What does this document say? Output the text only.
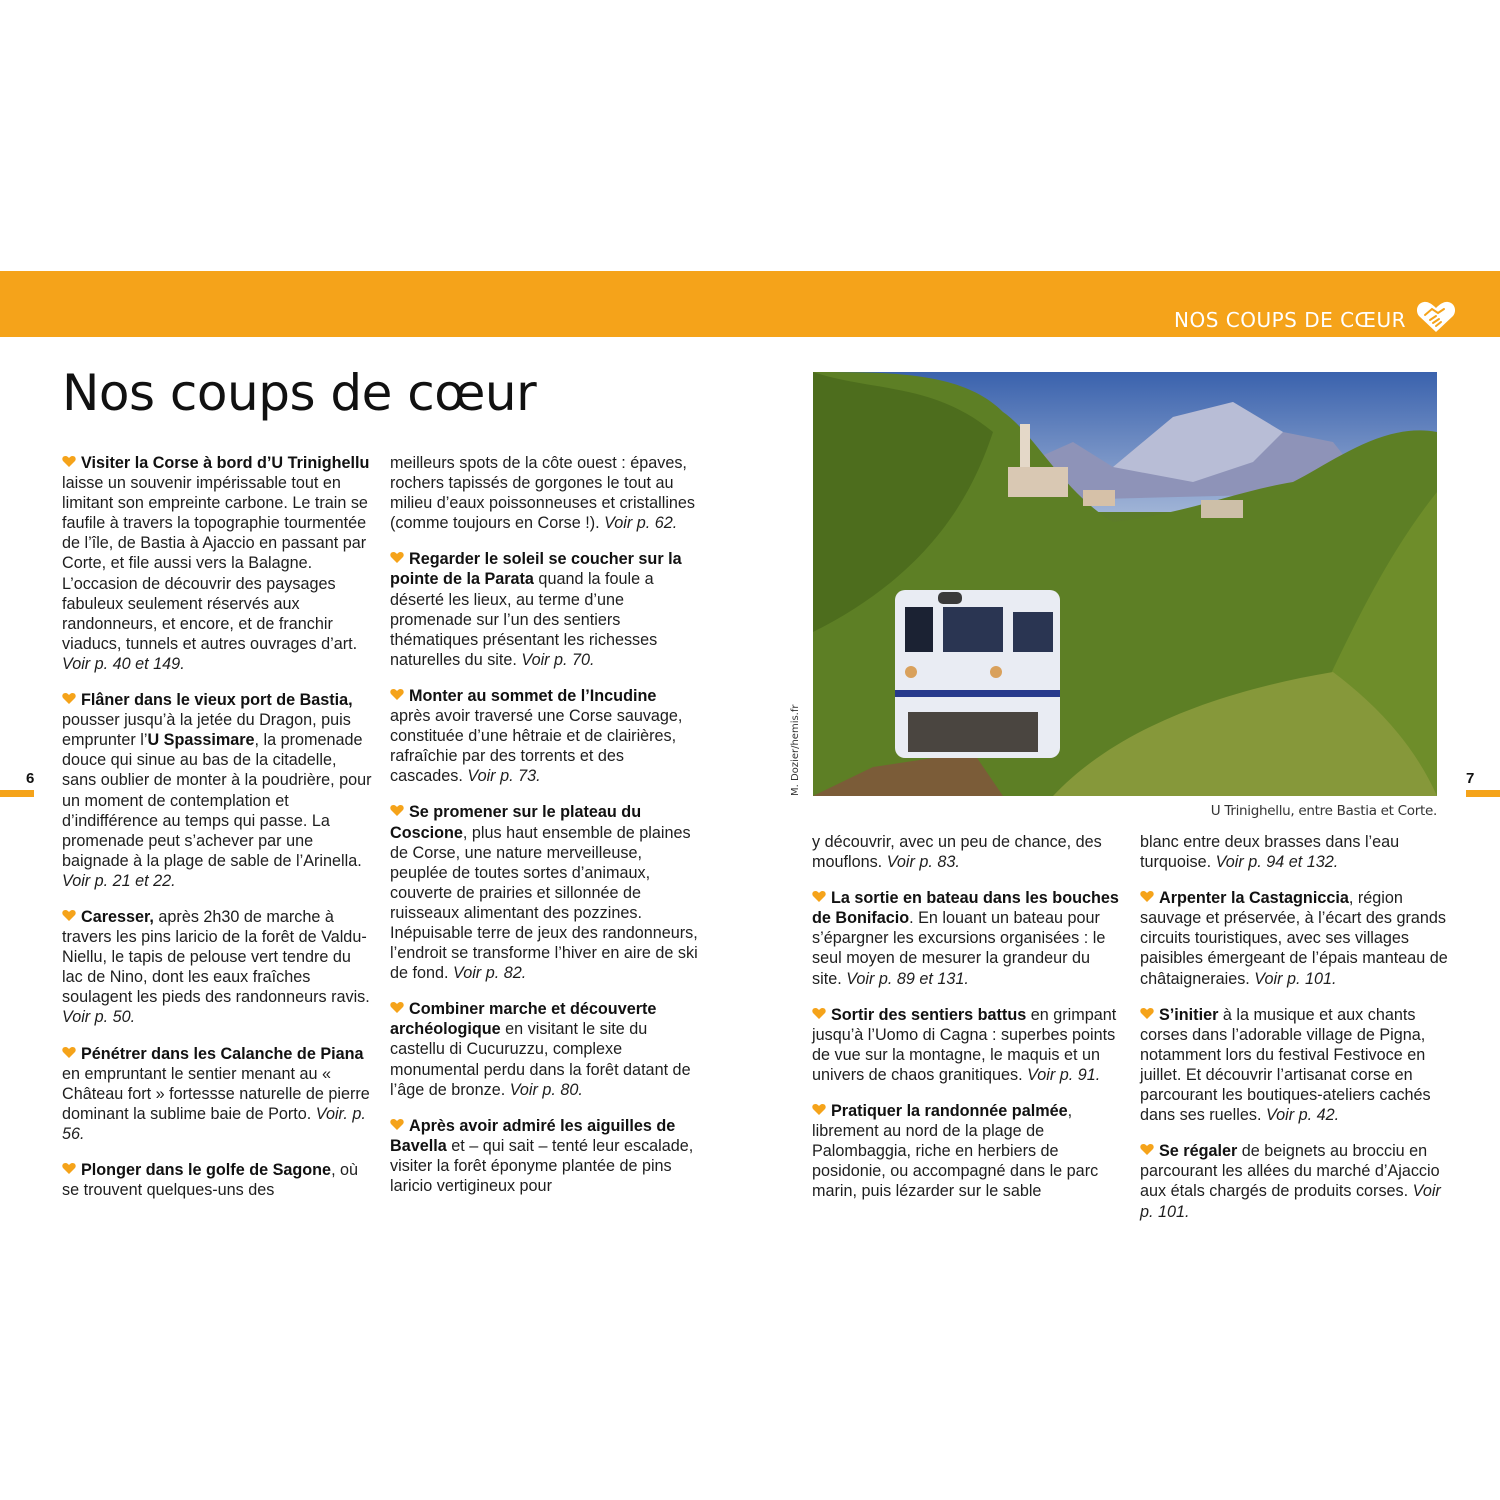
NOS COUPS DE CŒUR
Nos coups de cœur

Visiter la Corse à bord d’U Trinighellu laisse un souvenir impérissable tout en limitant son empreinte carbone. Le train se faufile à travers la topographie tourmentée de l’île, de Bastia à Ajaccio en passant par Corte, et file aussi vers la Balagne. L’occasion de découvrir des paysages fabuleux seulement réservés aux randonneurs, et encore, et de franchir viaducs, tunnels et autres ouvrages d’art. Voir p. 40 et 149.

Flâner dans le vieux port de Bastia, pousser jusqu’à la jetée du Dragon, puis emprunter l’U Spassimare, la promenade douce qui sinue au bas de la citadelle, sans oublier de monter à la poudrière, pour un moment de contemplation et d’indifférence au temps qui passe. La promenade peut s’achever par une baignade à la plage de sable de l’Arinella. Voir p. 21 et 22.

Caresser, après 2h30 de marche à travers les pins laricio de la forêt de Valdu-Niellu, le tapis de pelouse vert tendre du lac de Nino, dont les eaux fraîches soulagent les pieds des randonneurs ravis. Voir p. 50.

Pénétrer dans les Calanche de Piana en empruntant le sentier menant au « Château fort » fortessse naturelle de pierre dominant la sublime baie de Porto. Voir. p. 56.

Plonger dans le golfe de Sagone, où se trouvent quelques-uns des

meilleurs spots de la côte ouest : épaves, rochers tapissés de gorgones le tout au milieu d’eaux poissonneuses et cristallines (comme toujours en Corse !). Voir p. 62.

Regarder le soleil se coucher sur la pointe de la Parata quand la foule a déserté les lieux, au terme d’une promenade sur l’un des sentiers thématiques présentant les richesses naturelles du site. Voir p. 70.

Monter au sommet de l’Incudine après avoir traversé une Corse sauvage, constituée d’une hêtraie et de clairières, rafraîchie par des torrents et des cascades. Voir p. 73.

Se promener sur le plateau du Coscione, plus haut ensemble de plaines de Corse, une nature merveilleuse, peuplée de toutes sortes d’animaux, couverte de prairies et sillonnée de ruisseaux alimentant des pozzines. Inépuisable terre de jeux des randonneurs, l’endroit se transforme l’hiver en aire de ski de fond. Voir p. 82.

Combiner marche et découverte archéologique en visitant le site du castellu di Cucuruzzu, complexe monumental perdu dans la forêt datant de l’âge de bronze. Voir p. 80.

Après avoir admiré les aiguilles de Bavella et – qui sait – tenté leur escalade, visiter la forêt éponyme plantée de pins laricio vertigineux pour

M. Dozier/hemis.fr
U Trinighellu, entre Bastia et Corte.

y découvrir, avec un peu de chance, des mouflons. Voir p. 83.

La sortie en bateau dans les bouches de Bonifacio. En louant un bateau pour s’épargner les excursions organisées : le seul moyen de mesurer la grandeur du site. Voir p. 89 et 131.

Sortir des sentiers battus en grimpant jusqu’à l’Uomo di Cagna : superbes points de vue sur la montagne, le maquis et un univers de chaos granitiques. Voir p. 91.

Pratiquer la randonnée palmée, librement au nord de la plage de Palombaggia, riche en herbiers de posidonie, ou accompagné dans le parc marin, puis lézarder sur le sable

blanc entre deux brasses dans l’eau turquoise. Voir p. 94 et 132.

Arpenter la Castagniccia, région sauvage et préservée, à l’écart des grands circuits touristiques, avec ses villages paisibles émergeant de l’épais manteau de châtaigneraies. Voir p. 101.

S’initier à la musique et aux chants corses dans l’adorable village de Pigna, notamment lors du festival Festivoce en juillet. Et découvrir l’artisanat corse en parcourant les boutiques-ateliers cachés dans ses ruelles. Voir p. 42.

Se régaler de beignets au brocciu en parcourant les allées du marché d’Ajaccio aux étals chargés de produits corses. Voir p. 101.

6	7
